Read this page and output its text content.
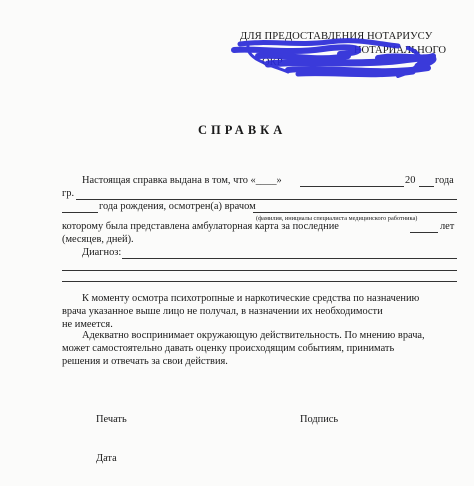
ДЛЯ ПРЕДОСТАВЛЕНИЯ НОТАРИУСУ
НОТАРИАЛЬНОГО
ОКР
СПРАВКА
Настоящая справка выдана в том, что «____»	20 года
гр.
года рождения, осмотрен(а) врачом
(фамилия, инициалы специалиста медицинского работника)
которому была представлена амбулаторная карта за последние	лет
(месяцев, дней).
Диагноз:
К моменту осмотра психотропные и наркотические средства по назначению
врача указанное выше лицо не получал, в назначении их необходимости
не имеется.
Адекватно воспринимает окружающую действительность. По мнению врача,
может самостоятельно давать оценку происходящим событиям, принимать
решения и отвечать за свои действия.
Печать	Подпись
Дата
